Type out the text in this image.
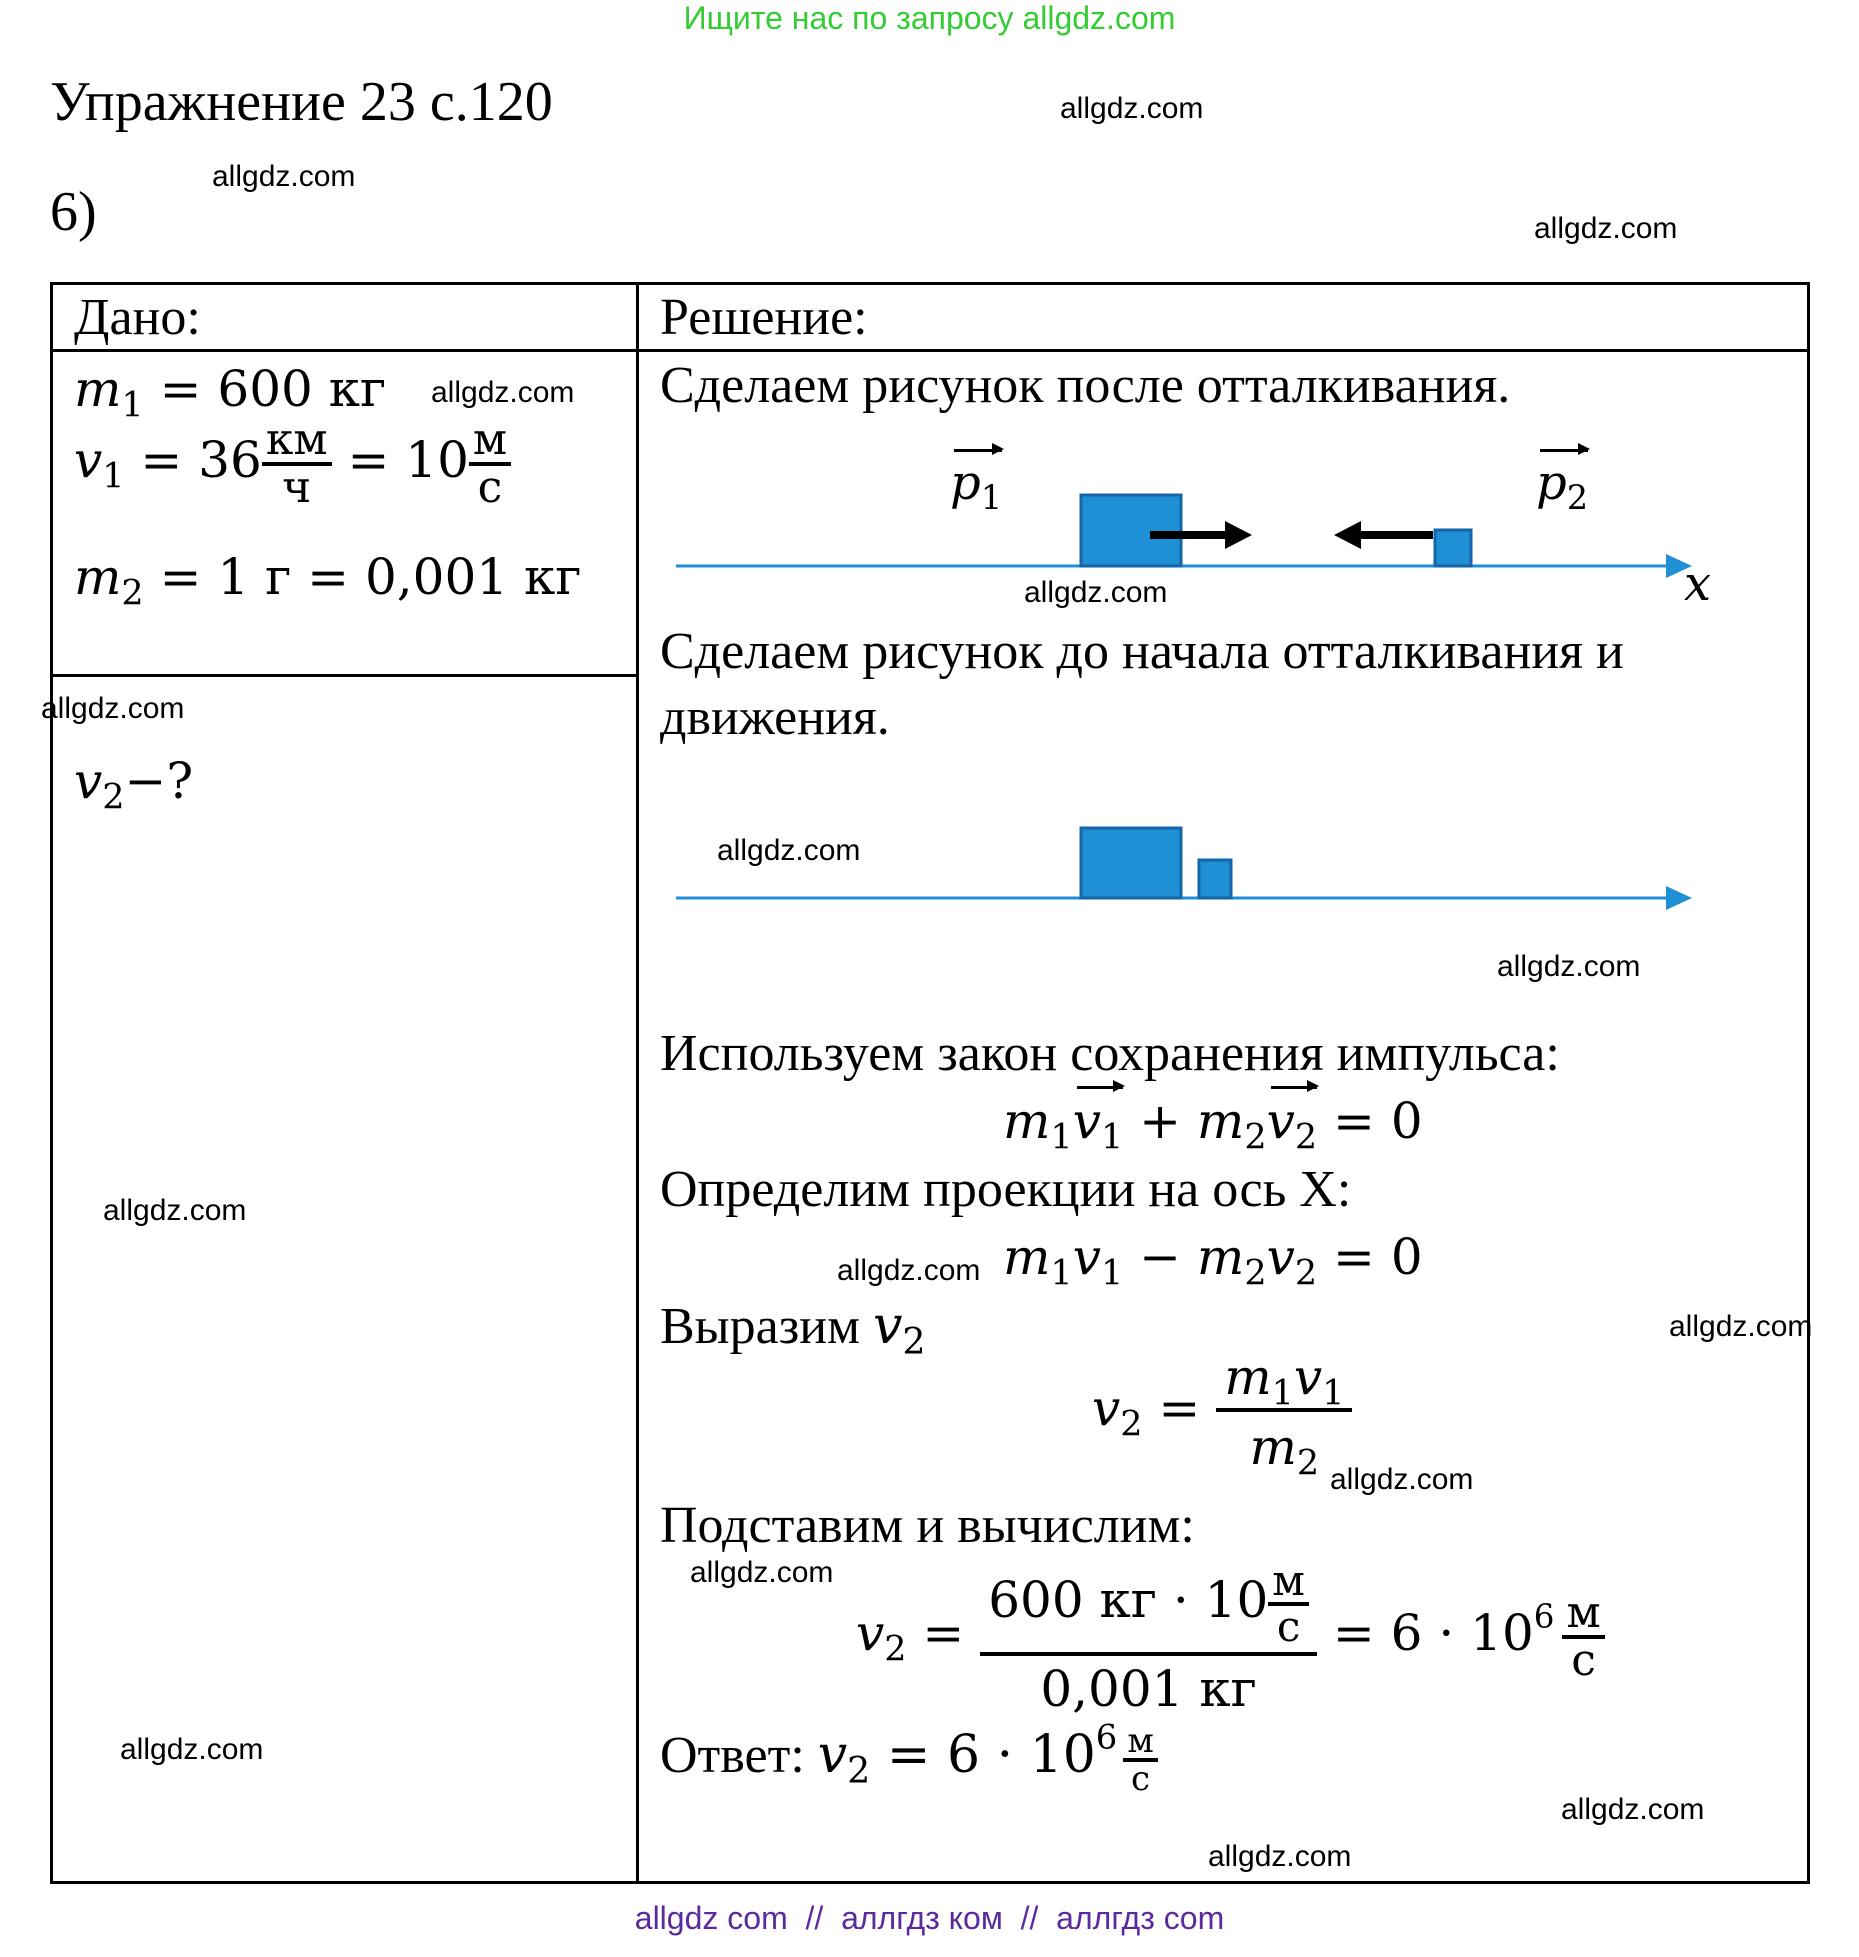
Ищите нас по запросу allgdz.com
Упражнение 23 с.120
6)
allgdz.com
allgdz.com
allgdz.com
allgdz.com
allgdz.com
allgdz.com
allgdz.com
allgdz.com
allgdz.com
allgdz.com
allgdz.com
allgdz.com
allgdz.com
allgdz.com
allgdz.com
allgdz.com
Дано:	Решение:
$m_1 = 600$ кг
$v_1 = 36 \frac{км}{ч} = 10 \frac{м}{с}$
$m_2 = 1$ г = 0,001 кг
$v_2-$?
Сделаем рисунок после отталкивания.
$p_1$	$p_2$
x
Сделаем рисунок до начала отталкивания и
движения.
Используем закон сохранения импульса:
$m_1v_1 + m_2v_2 = 0$
Определим проекции на ось Х:
$m_1v_1 - m_2v_2 = 0$
Выразим $v_2$
$v_2 = \frac{m_1v_1}{m_2}$
Подставим и вычислим:
$v_2 = \frac{600 кг \cdot 10 \frac{м}{с}}{0,001 кг} = 6 \cdot 10^6 \frac{м}{с}$
Ответ: $v_2 = 6 \cdot 10^6 \frac{м}{с}$
allgdz com  //  аллгдз ком  //  аллгдз com
